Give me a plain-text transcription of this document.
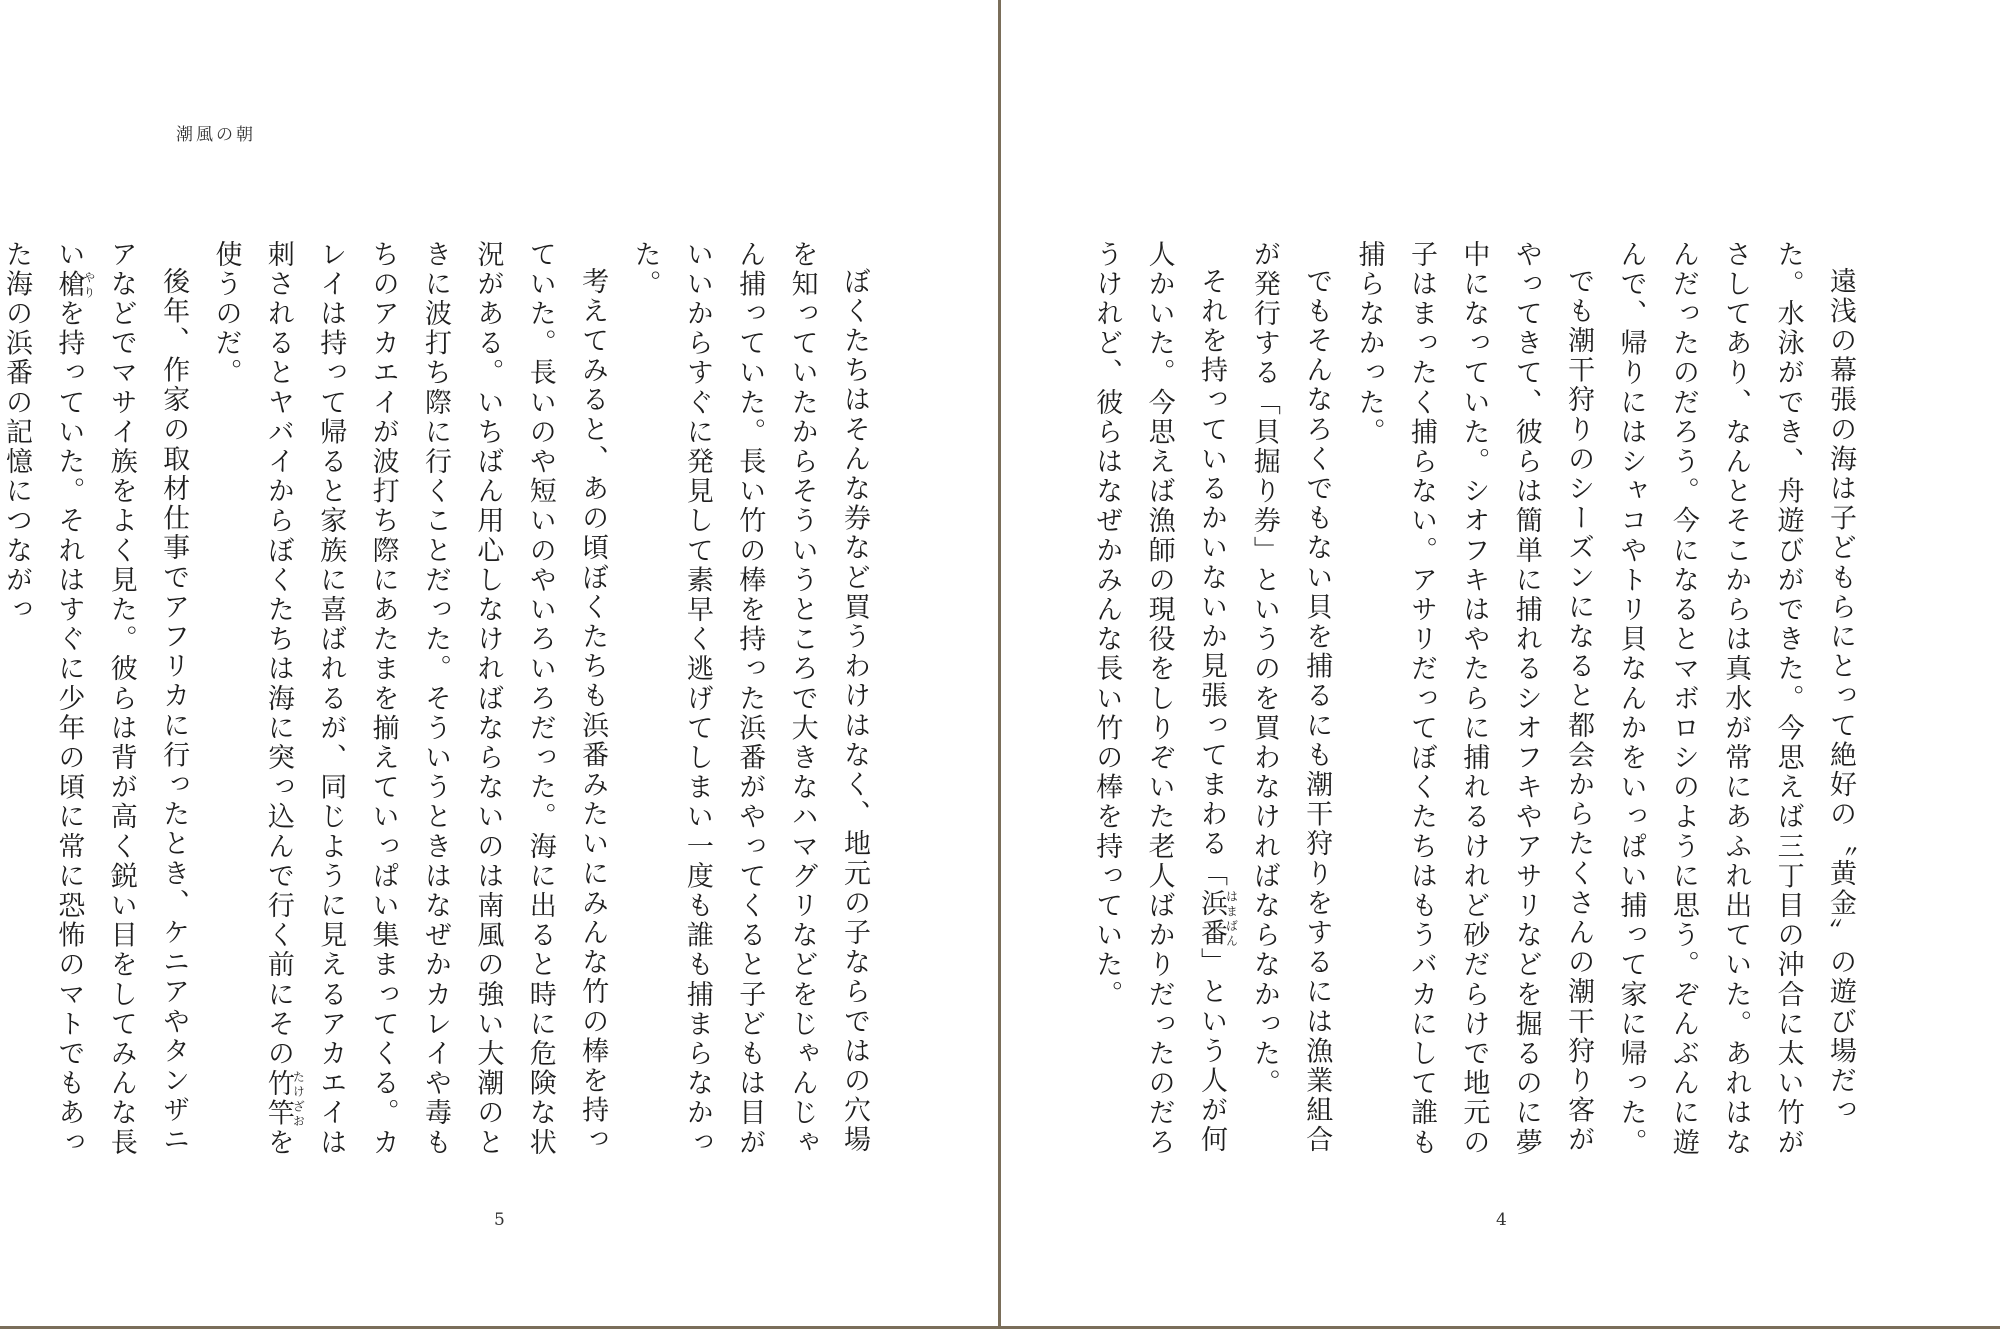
潮風の朝

ぼくたちはそんな券など買うわけはなく、地元の子ならではの穴場を知っていたからそういうところで大きなハマグリなどをじゃんじゃん捕っていた。長い竹の棒を持った浜番がやってくると子どもは目がいいからすぐに発見して素早く逃げてしまい一度も誰も捕まらなかった。

考えてみると、あの頃ぼくたちも浜番みたいにみんな竹の棒を持っていた。長いのや短いのやいろいろだった。海に出ると時に危険な状況がある。いちばん用心しなければならないのは南風の強い大潮のときに波打ち際に行くことだった。そういうときはなぜかカレイや毒もちのアカエイが波打ち際にあたまを揃えていっぱい集まってくる。カレイは持って帰ると家族に喜ばれるが、同じように見えるアカエイは刺されるとヤバイからぼくたちは海に突っ込んで行く前にその竹竿たけざおを使うのだ。

後年、作家の取材仕事でアフリカに行ったとき、ケニアやタンザニアなどでマサイ族をよく見た。彼らは背が高く鋭い目をしてみんな長い槍やりを持っていた。それはすぐに少年の頃に常に恐怖のマトでもあった海の浜番の記憶につながっ

5

遠浅の幕張の海は子どもらにとって絶好の〝黄金〟の遊び場だった。水泳ができ、舟遊びができた。今思えば三丁目の沖合に太い竹がさしてあり、なんとそこからは真水が常にあふれ出ていた。あれはなんだったのだろう。今になるとマボロシのように思う。ぞんぶんに遊んで、帰りにはシャコやトリ貝なんかをいっぱい捕って家に帰った。

でも潮干狩りのシーズンになると都会からたくさんの潮干狩り客がやってきて、彼らは簡単に捕れるシオフキやアサリなどを掘るのに夢中になっていた。シオフキはやたらに捕れるけれど砂だらけで地元の子はまったく捕らない。アサリだってぼくたちはもうバカにして誰も捕らなかった。

でもそんなろくでもない貝を捕るにも潮干狩りをするには漁業組合が発行する「貝掘り券」というのを買わなければならなかった。

それを持っているかいないか見張ってまわる「浜番はまばん」という人が何人かいた。今思えば漁師の現役をしりぞいた老人ばかりだったのだろうけれど、彼らはなぜかみんな長い竹の棒を持っていた。

4
